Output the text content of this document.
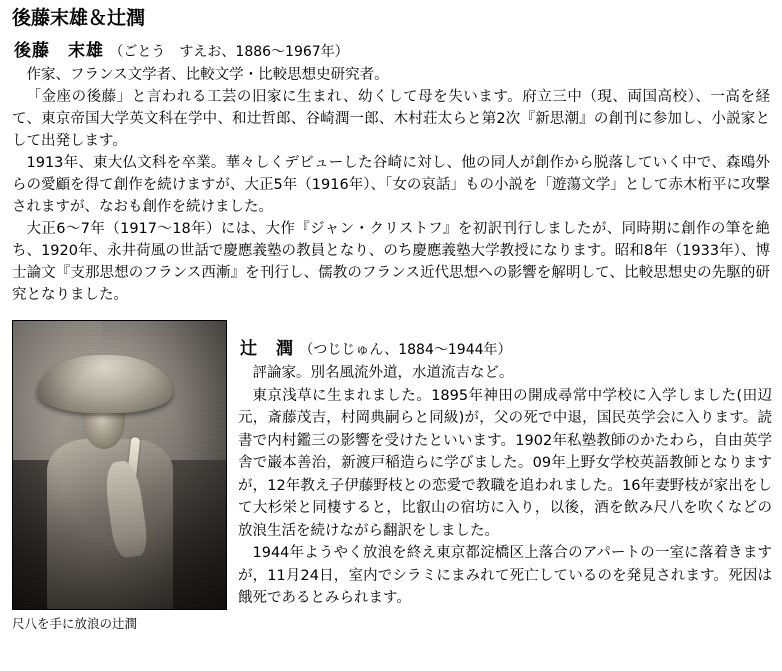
後藤末雄＆辻潤
後藤　末雄 （ごとう　すえお、1886〜1967年）

作家、フランス文学者、比較文学・比較思想史研究者。

「金座の後藤」と言われる工芸の旧家に生まれ、幼くして母を失います。府立三中（現、両国高校）、一高を経て、東京帝国大学英文科在学中、和辻哲郎、谷崎潤一郎、木村荘太らと第2次『新思潮』の創刊に参加し、小説家として出発します。

1913年、東大仏文科を卒業。華々しくデビューした谷崎に対し、他の同人が創作から脱落していく中で、森鴎外らの愛顧を得て創作を続けますが、大正5年（1916年）、「女の哀話」もの小説を「遊蕩文学」として赤木桁平に攻撃されますが、なおも創作を続けました。

大正6〜7年（1917〜18年）には、大作『ジャン・クリストフ』を初訳刊行しましたが、同時期に創作の筆を絶ち、1920年、永井荷風の世話で慶應義塾の教員となり、のち慶應義塾大学教授になります。昭和8年（1933年）、博士論文『支那思想のフランス西漸』を刊行し、儒教のフランス近代思想への影響を解明して、比較思想史の先駆的研究となりました。

尺八を手に放浪の辻潤
辻　潤 （つじじゅん、1884〜1944年）

評論家。別名風流外道，水道流吉など。

東京浅草に生まれました。1895年神田の開成尋常中学校に入学しました(田辺元，斎藤茂吉，村岡典嗣らと同級)が，父の死で中退，国民英学会に入ります。読書で内村鑑三の影響を受けたといいます。1902年私塾教師のかたわら，自由英学舎で巌本善治，新渡戸稲造らに学びました。09年上野女学校英語教師となりますが，12年教え子伊藤野枝との恋愛で教職を追われました。16年妻野枝が家出をして大杉栄と同棲すると，比叡山の宿坊に入り，以後，酒を飲み尺八を吹くなどの放浪生活を続けながら翻訳をしました。

1944年ようやく放浪を終え東京都淀橋区上落合のアパートの一室に落着きますが，11月24日，室内でシラミにまみれて死亡しているのを発見されます。死因は餓死であるとみられます。
